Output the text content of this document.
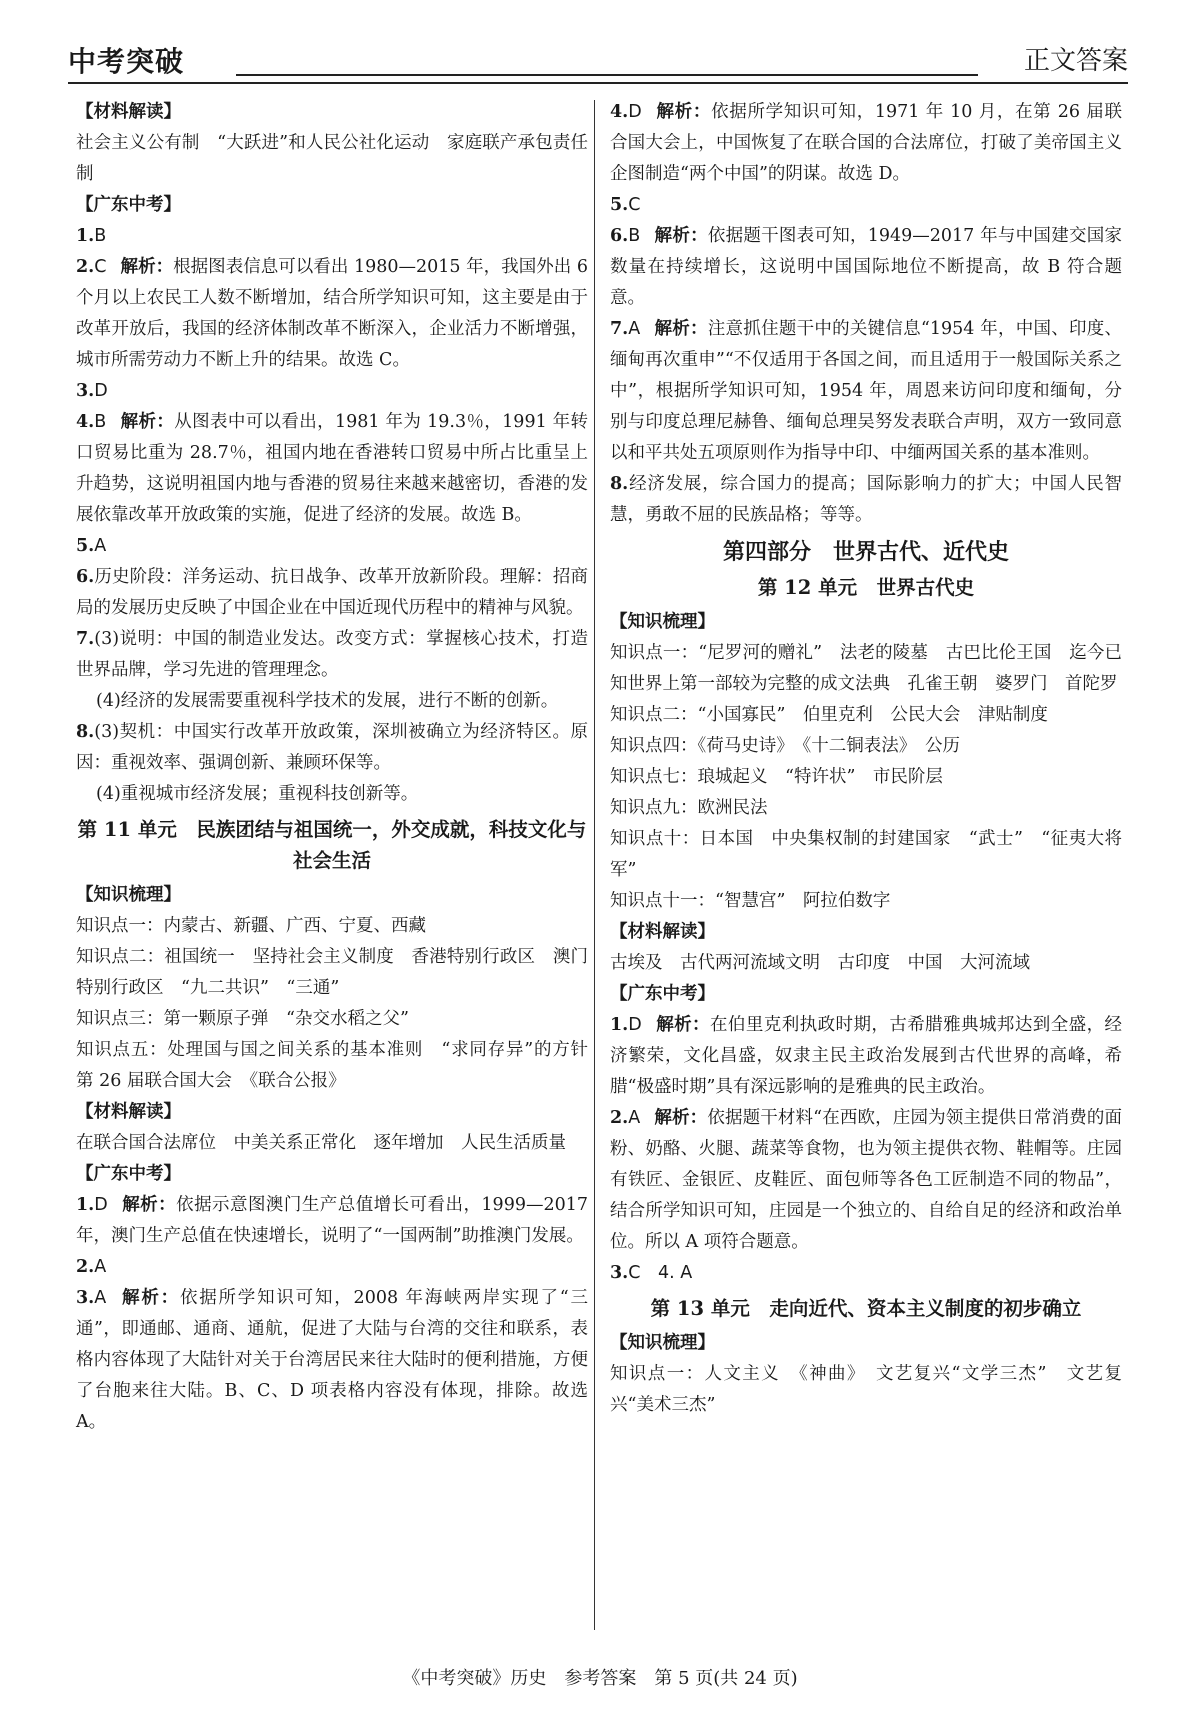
中考突破	正文答案

【材料解读】

社会主义公有制　“大跃进”和人民公社化运动　家庭联产承包责任制

【广东中考】

1.B

2.C 解析：根据图表信息可以看出 1980—2015 年，我国外出 6 个月以上农民工人数不断增加，结合所学知识可知，这主要是由于改革开放后，我国的经济体制改革不断深入，企业活力不断增强，城市所需劳动力不断上升的结果。故选 C。

3.D

4.B 解析：从图表中可以看出，1981 年为 19.3％，1991 年转口贸易比重为 28.7％，祖国内地在香港转口贸易中所占比重呈上升趋势，这说明祖国内地与香港的贸易往来越来越密切，香港的发展依靠改革开放政策的实施，促进了经济的发展。故选 B。

5.A

6.历史阶段：洋务运动、抗日战争、改革开放新阶段。理解：招商局的发展历史反映了中国企业在中国近现代历程中的精神与风貌。

7.(3)说明：中国的制造业发达。改变方式：掌握核心技术，打造世界品牌，学习先进的管理理念。

(4)经济的发展需要重视科学技术的发展，进行不断的创新。

8.(3)契机：中国实行改革开放政策，深圳被确立为经济特区。原因：重视效率、强调创新、兼顾环保等。

(4)重视城市经济发展；重视科技创新等。

第 11 单元　民族团结与祖国统一，外交成就，科技文化与社会生活

【知识梳理】

知识点一：内蒙古、新疆、广西、宁夏、西藏

知识点二：祖国统一　坚持社会主义制度　香港特别行政区　澳门特别行政区　“九二共识”　“三通”

知识点三：第一颗原子弹　“杂交水稻之父”

知识点五：处理国与国之间关系的基本准则　“求同存异”的方针　第 26 届联合国大会　《联合公报》

【材料解读】

在联合国合法席位　中美关系正常化　逐年增加　人民生活质量

【广东中考】

1.D 解析：依据示意图澳门生产总值增长可看出，1999—2017 年，澳门生产总值在快速增长，说明了“一国两制”助推澳门发展。

2.A

3.A 解析：依据所学知识可知，2008 年海峡两岸实现了“三通”，即通邮、通商、通航，促进了大陆与台湾的交往和联系，表格内容体现了大陆针对关于台湾居民来往大陆时的便利措施，方便了台胞来往大陆。B、C、D 项表格内容没有体现，排除。故选 A。

4.D 解析：依据所学知识可知，1971 年 10 月，在第 26 届联合国大会上，中国恢复了在联合国的合法席位，打破了美帝国主义企图制造“两个中国”的阴谋。故选 D。

5.C

6.B 解析：依据题干图表可知，1949—2017 年与中国建交国家数量在持续增长，这说明中国国际地位不断提高，故 B 符合题意。

7.A 解析：注意抓住题干中的关键信息“1954 年，中国、印度、缅甸再次重申”“不仅适用于各国之间，而且适用于一般国际关系之中”，根据所学知识可知，1954 年，周恩来访问印度和缅甸，分别与印度总理尼赫鲁、缅甸总理吴努发表联合声明，双方一致同意以和平共处五项原则作为指导中印、中缅两国关系的基本准则。

8.经济发展，综合国力的提高；国际影响力的扩大；中国人民智慧，勇敢不屈的民族品格；等等。

第四部分　世界古代、近代史

第 12 单元　世界古代史

【知识梳理】

知识点一：“尼罗河的赠礼”　法老的陵墓　古巴比伦王国　迄今已知世界上第一部较为完整的成文法典　孔雀王朝　婆罗门　首陀罗

知识点二：“小国寡民”　伯里克利　公民大会　津贴制度

知识点四：《荷马史诗》　《十二铜表法》　公历

知识点七：琅城起义　“特许状”　市民阶层

知识点九：欧洲民法

知识点十：日本国　中央集权制的封建国家　“武士”　“征夷大将军”

知识点十一：“智慧宫”　阿拉伯数字

【材料解读】

古埃及　古代两河流域文明　古印度　中国　大河流域

【广东中考】

1.D 解析：在伯里克利执政时期，古希腊雅典城邦达到全盛，经济繁荣，文化昌盛，奴隶主民主政治发展到古代世界的高峰，希腊“极盛时期”具有深远影响的是雅典的民主政治。

2.A 解析：依据题干材料“在西欧，庄园为领主提供日常消费的面粉、奶酪、火腿、蔬菜等食物，也为领主提供衣物、鞋帽等。庄园有铁匠、金银匠、皮鞋匠、面包师等各色工匠制造不同的物品”，结合所学知识可知，庄园是一个独立的、自给自足的经济和政治单位。所以 A 项符合题意。

3.C　4. A

第 13 单元　走向近代、资本主义制度的初步确立

【知识梳理】

知识点一：人文主义　《神曲》　文艺复兴“文学三杰”　文艺复兴“美术三杰”

《中考突破》历史　参考答案　第 5 页(共 24 页)
